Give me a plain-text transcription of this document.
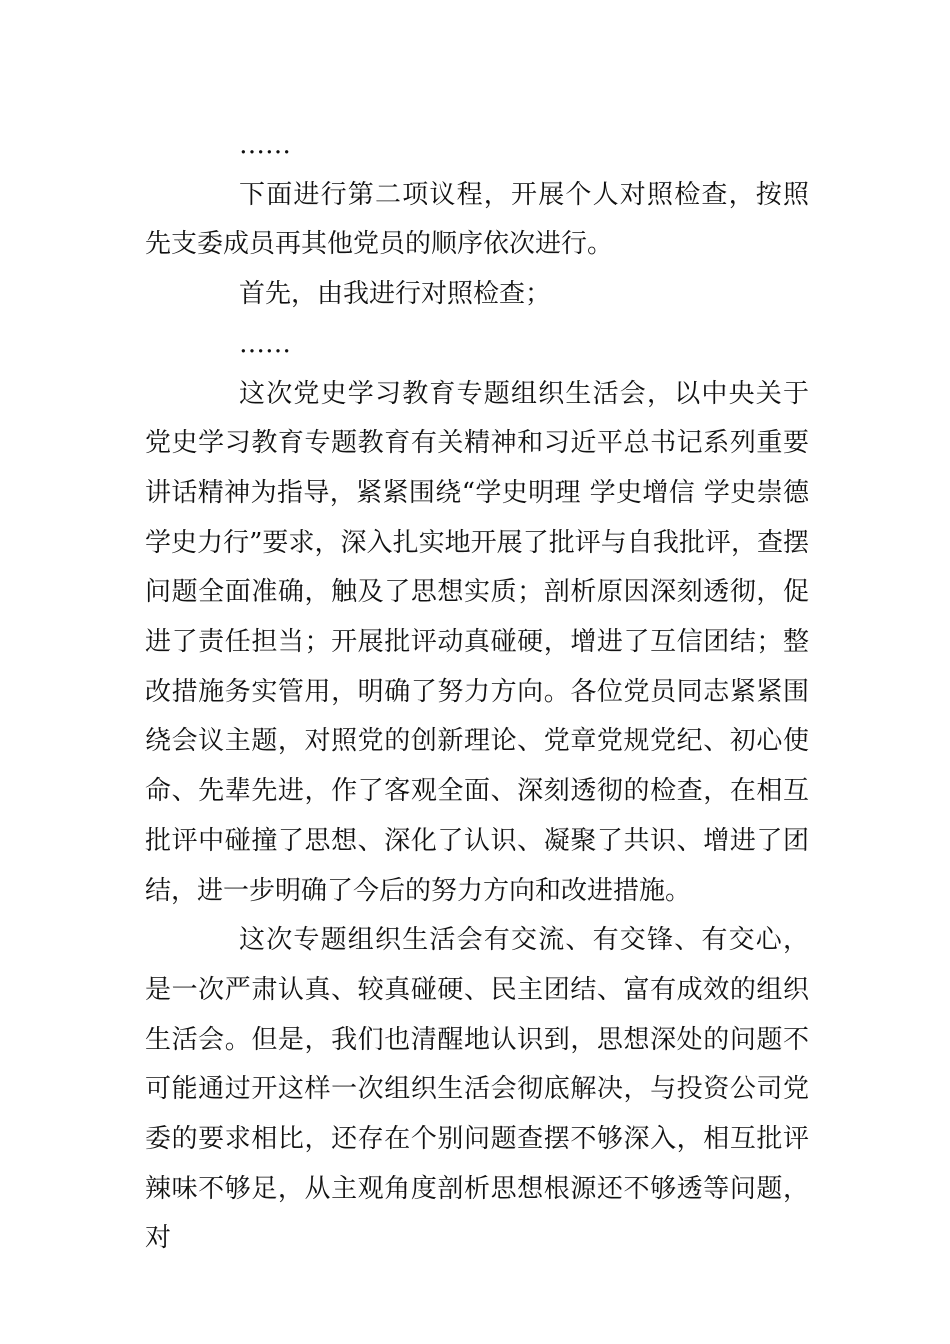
……

下面进行第二项议程，开展个人对照检查，按照先支委成员再其他党员的顺序依次进行。

首先，由我进行对照检查；

……

这次党史学习教育专题组织生活会，以中央关于党史学习教育专题教育有关精神和习近平总书记系列重要讲话精神为指导，紧紧围绕“学史明理 学史增信 学史崇德 学史力行”要求，深入扎实地开展了批评与自我批评，查摆问题全面准确，触及了思想实质；剖析原因深刻透彻，促进了责任担当；开展批评动真碰硬，增进了互信团结；整改措施务实管用，明确了努力方向。各位党员同志紧紧围绕会议主题，对照党的创新理论、党章党规党纪、初心使命、先辈先进，作了客观全面、深刻透彻的检查，在相互批评中碰撞了思想、深化了认识、凝聚了共识、增进了团结，进一步明确了今后的努力方向和改进措施。

这次专题组织生活会有交流、有交锋、有交心，是一次严肃认真、较真碰硬、民主团结、富有成效的组织生活会。但是，我们也清醒地认识到，思想深处的问题不可能通过开这样一次组织生活会彻底解决，与投资公司党委的要求相比，还存在个别问题查摆不够深入，相互批评辣味不够足，从主观角度剖析思想根源还不够透等问题，对
